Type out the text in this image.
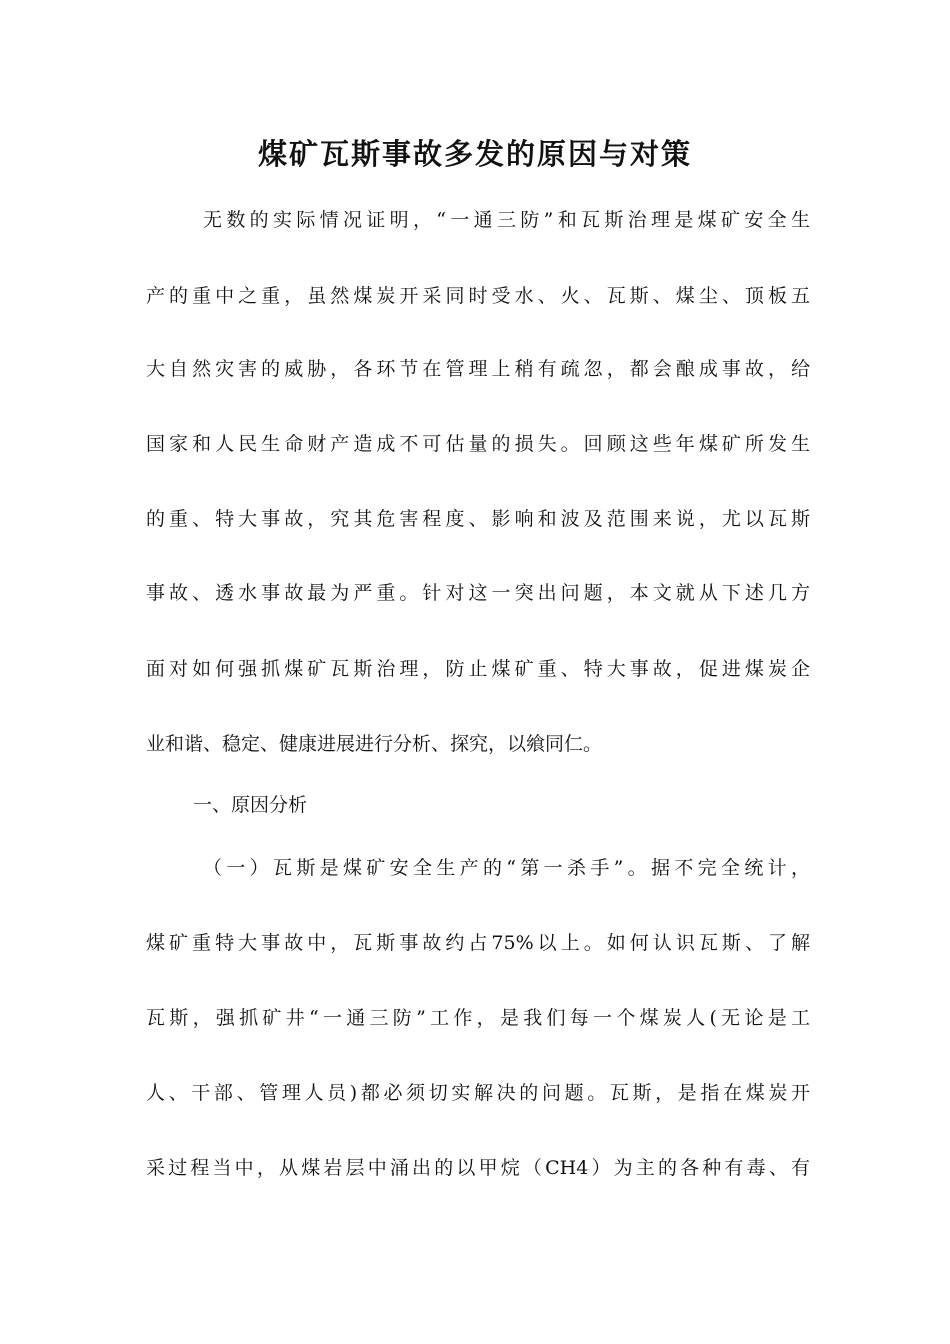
煤矿瓦斯事故多发的原因与对策
无数的实际情况证明，“一通三防”和瓦斯治理是煤矿安全生
产的重中之重，虽然煤炭开采同时受水、火、瓦斯、煤尘、顶板五
大自然灾害的威胁，各环节在管理上稍有疏忽，都会酿成事故，给
国家和人民生命财产造成不可估量的损失。回顾这些年煤矿所发生
的重、特大事故，究其危害程度、影响和波及范围来说，尤以瓦斯
事故、透水事故最为严重。针对这一突出问题，本文就从下述几方
面对如何强抓煤矿瓦斯治理，防止煤矿重、特大事故，促进煤炭企
业和谐、稳定、健康进展进行分析、探究，以飨同仁。
一、原因分析
（一）瓦斯是煤矿安全生产的“第一杀手”。据不完全统计，
煤矿重特大事故中，瓦斯事故约占75%以上。如何认识瓦斯、了解
瓦斯，强抓矿井“一通三防”工作，是我们每一个煤炭人(无论是工
人、干部、管理人员)都必须切实解决的问题。瓦斯，是指在煤炭开
采过程当中，从煤岩层中涌出的以甲烷（CH4）为主的各种有毒、有
